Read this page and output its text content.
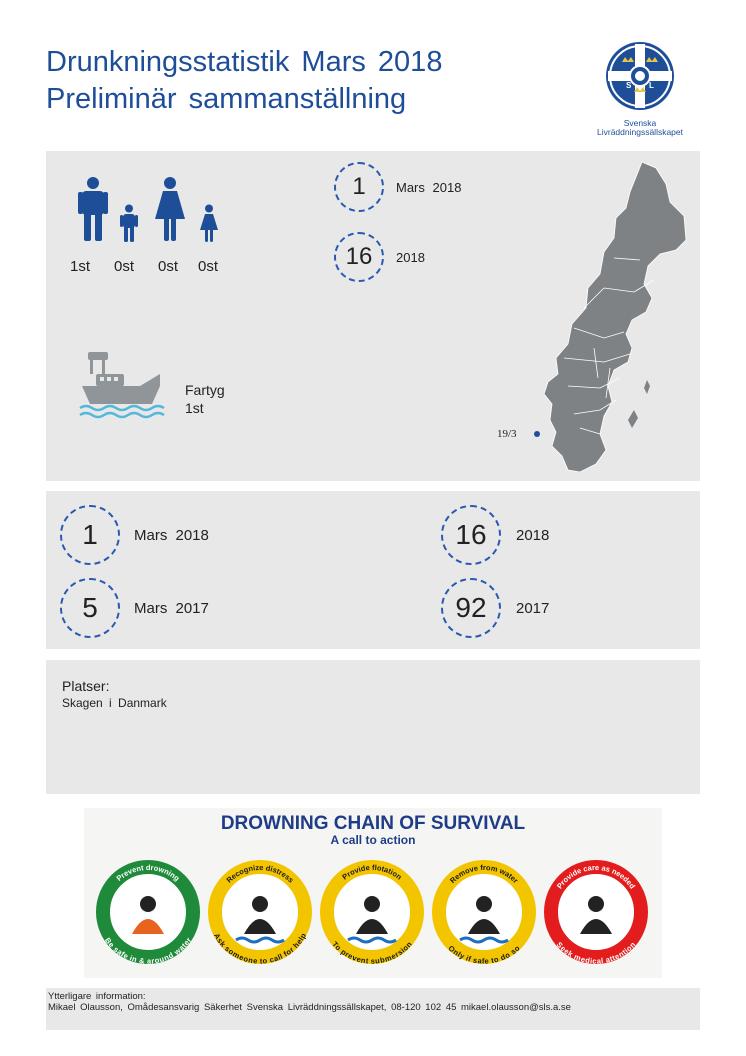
Drunkningsstatistik Mars 2018
Preliminär sammanställning	S L
S
Svenska
Livräddningssällskapet
1st 0st 0st 0st
1	Mars 2018
16	2018
Fartyg
1st
19/3
1	Mars 2018	16	2018
5	Mars 2017	92	2017
Platser:
Skagen i Danmark
DROWNING CHAIN OF SURVIVAL
A call to action
Prevent drowning
Be safe in & around water
Recognize distress
Ask someone to call for help
Provide flotation
To prevent submersion
Remove from water
Only if safe to do so
Provide care as needed
Seek medical attention
Ytterligare information:
Mikael Olausson, Omådesansvarig Säkerhet Svenska Livräddningssällskapet, 08-120 102 45 mikael.olausson@sls.a.se
